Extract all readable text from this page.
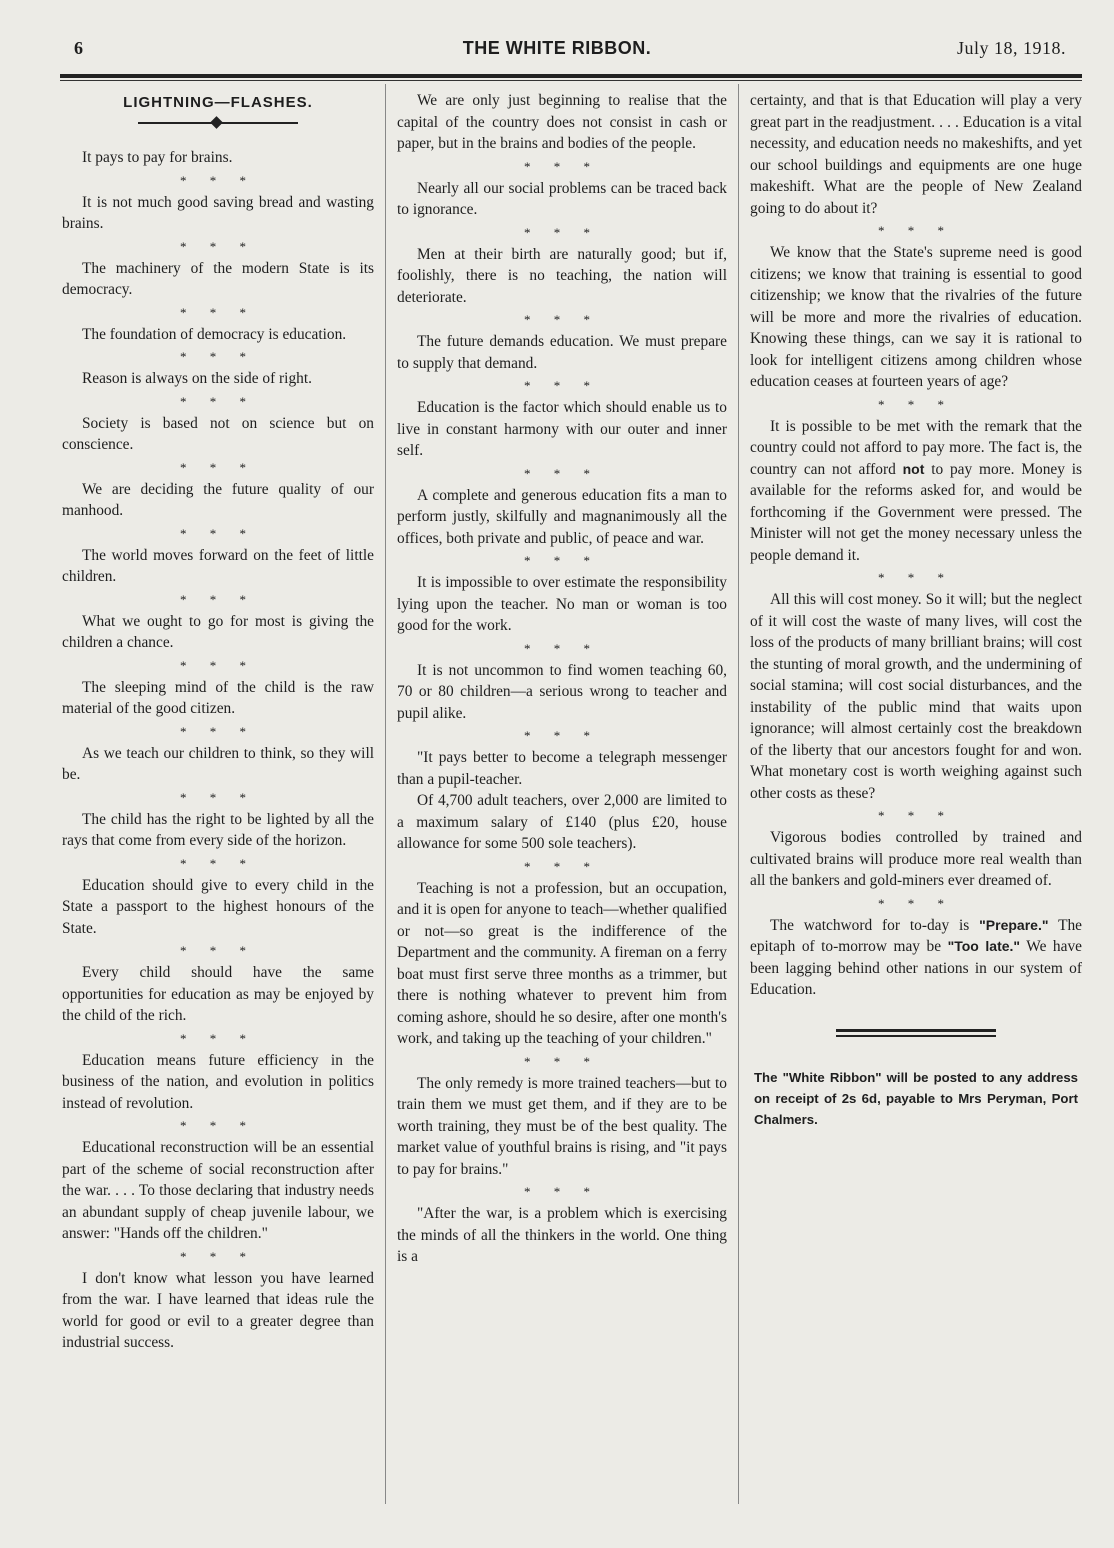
6	THE WHITE RIBBON.	July 18, 1918.
LIGHTNING—FLASHES.

It pays to pay for brains.

* * *

It is not much good saving bread and wasting brains.

* * *

The machinery of the modern State is its democracy.

* * *

The foundation of democracy is education.

* * *

Reason is always on the side of right.

* * *

Society is based not on science but on conscience.

* * *

We are deciding the future quality of our manhood.

* * *

The world moves forward on the feet of little children.

* * *

What we ought to go for most is giving the children a chance.

* * *

The sleeping mind of the child is the raw material of the good citizen.

* * *

As we teach our children to think, so they will be.

* * *

The child has the right to be lighted by all the rays that come from every side of the horizon.

* * *

Education should give to every child in the State a passport to the highest honours of the State.

* * *

Every child should have the same opportunities for education as may be enjoyed by the child of the rich.

* * *

Education means future efficiency in the business of the nation, and evolution in politics instead of revolution.

* * *

Educational reconstruction will be an essential part of the scheme of social reconstruction after the war. . . . To those declaring that industry needs an abundant supply of cheap juvenile labour, we answer: "Hands off the children."

* * *

I don't know what lesson you have learned from the war. I have learned that ideas rule the world for good or evil to a greater degree than industrial success.

We are only just beginning to realise that the capital of the country does not consist in cash or paper, but in the brains and bodies of the people.

* * *

Nearly all our social problems can be traced back to ignorance.

* * *

Men at their birth are naturally good; but if, foolishly, there is no teaching, the nation will deteriorate.

* * *

The future demands education. We must prepare to supply that demand.

* * *

Education is the factor which should enable us to live in constant harmony with our outer and inner self.

* * *

A complete and generous education fits a man to perform justly, skilfully and magnanimously all the offices, both private and public, of peace and war.

* * *

It is impossible to over estimate the responsibility lying upon the teacher. No man or woman is too good for the work.

* * *

It is not uncommon to find women teaching 60, 70 or 80 children—a serious wrong to teacher and pupil alike.

* * *

"It pays better to become a telegraph messenger than a pupil-teacher.

Of 4,700 adult teachers, over 2,000 are limited to a maximum salary of £140 (plus £20, house allowance for some 500 sole teachers).

* * *

Teaching is not a profession, but an occupation, and it is open for anyone to teach—whether qualified or not—so great is the indifference of the Department and the community. A fireman on a ferry boat must first serve three months as a trimmer, but there is nothing whatever to prevent him from coming ashore, should he so desire, after one month's work, and taking up the teaching of your children."

* * *

The only remedy is more trained teachers—but to train them we must get them, and if they are to be worth training, they must be of the best quality. The market value of youthful brains is rising, and "it pays to pay for brains."

* * *

"After the war, is a problem which is exercising the minds of all the thinkers in the world. One thing is a

certainty, and that is that Education will play a very great part in the readjustment. . . . Education is a vital necessity, and education needs no makeshifts, and yet our school buildings and equipments are one huge makeshift. What are the people of New Zealand going to do about it?

* * *

We know that the State's supreme need is good citizens; we know that training is essential to good citizenship; we know that the rivalries of the future will be more and more the rivalries of education. Knowing these things, can we say it is rational to look for intelligent citizens among children whose education ceases at fourteen years of age?

* * *

It is possible to be met with the remark that the country could not afford to pay more. The fact is, the country can not afford not to pay more. Money is available for the reforms asked for, and would be forthcoming if the Government were pressed. The Minister will not get the money necessary unless the people demand it.

* * *

All this will cost money. So it will; but the neglect of it will cost the waste of many lives, will cost the loss of the products of many brilliant brains; will cost the stunting of moral growth, and the undermining of social stamina; will cost social disturbances, and the instability of the public mind that waits upon ignorance; will almost certainly cost the breakdown of the liberty that our ancestors fought for and won. What monetary cost is worth weighing against such other costs as these?

* * *

Vigorous bodies controlled by trained and cultivated brains will produce more real wealth than all the bankers and gold-miners ever dreamed of.

* * *

The watchword for to-day is "Prepare." The epitaph of to-morrow may be "Too late." We have been lagging behind other nations in our system of Education.

The "White Ribbon" will be posted to any address on receipt of 2s 6d, payable to Mrs Peryman, Port Chalmers.
